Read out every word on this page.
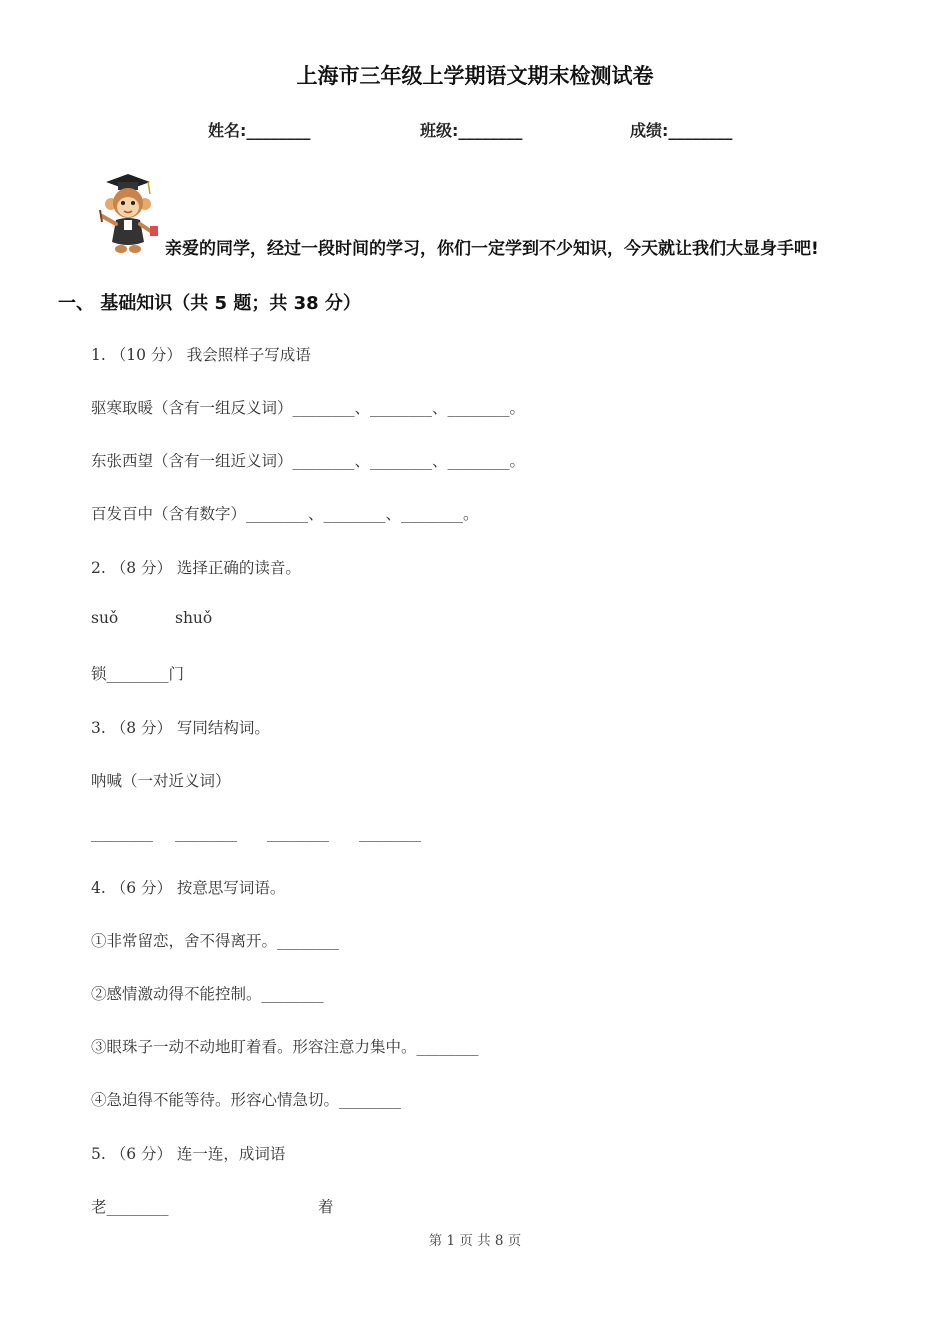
上海市三年级上学期语文期末检测试卷
姓名:________	班级:________	成绩:________
亲爱的同学，经过一段时间的学习，你们一定学到不少知识，今天就让我们大显身手吧!
一、 基础知识（共 5 题；共 38 分）
1. （10 分） 我会照样子写成语
驱寒取暖（含有一组反义词）________、________、________。
东张西望（含有一组近义词）________、________、________。
百发百中（含有数字）________、________、________。
2. （8 分） 选择正确的读音。
suǒ	shuǒ
锁________门
3. （8 分） 写同结构词。
呐喊（一对近义词）
________ ________ ________ ________
4. （6 分） 按意思写词语。
①非常留恋，舍不得离开。________
②感情激动得不能控制。________
③眼珠子一动不动地盯着看。形容注意力集中。________
④急迫得不能等待。形容心情急切。________
5. （6 分） 连一连，成词语
老________	着
第 1 页 共 8 页
